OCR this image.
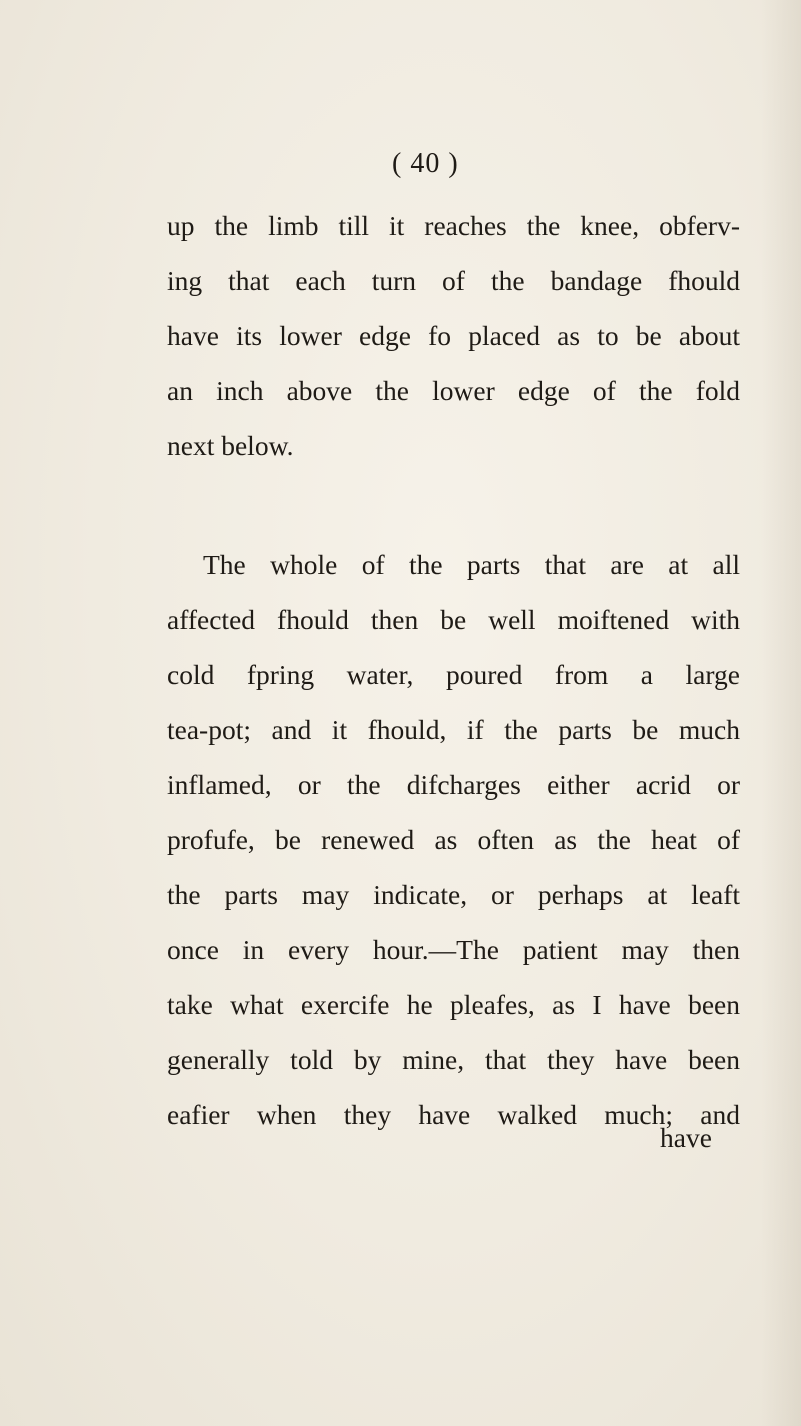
( 40 )
up the limb till it reaches the knee, obferv-
ing that each turn of the bandage fhould
have its lower edge fo placed as to be about
an inch above the lower edge of the fold
next below.
The whole of the parts that are at all
affected fhould then be well moiftened with
cold fpring water, poured from a large
tea-pot; and it fhould, if the parts be much
inflamed, or the difcharges either acrid or
profufe, be renewed as often as the heat of
the parts may indicate, or perhaps at leaft
once in every hour.—The patient may then
take what exercife he pleafes, as I have been
generally told by mine, that they have been
eafier when they have walked much; and
have
